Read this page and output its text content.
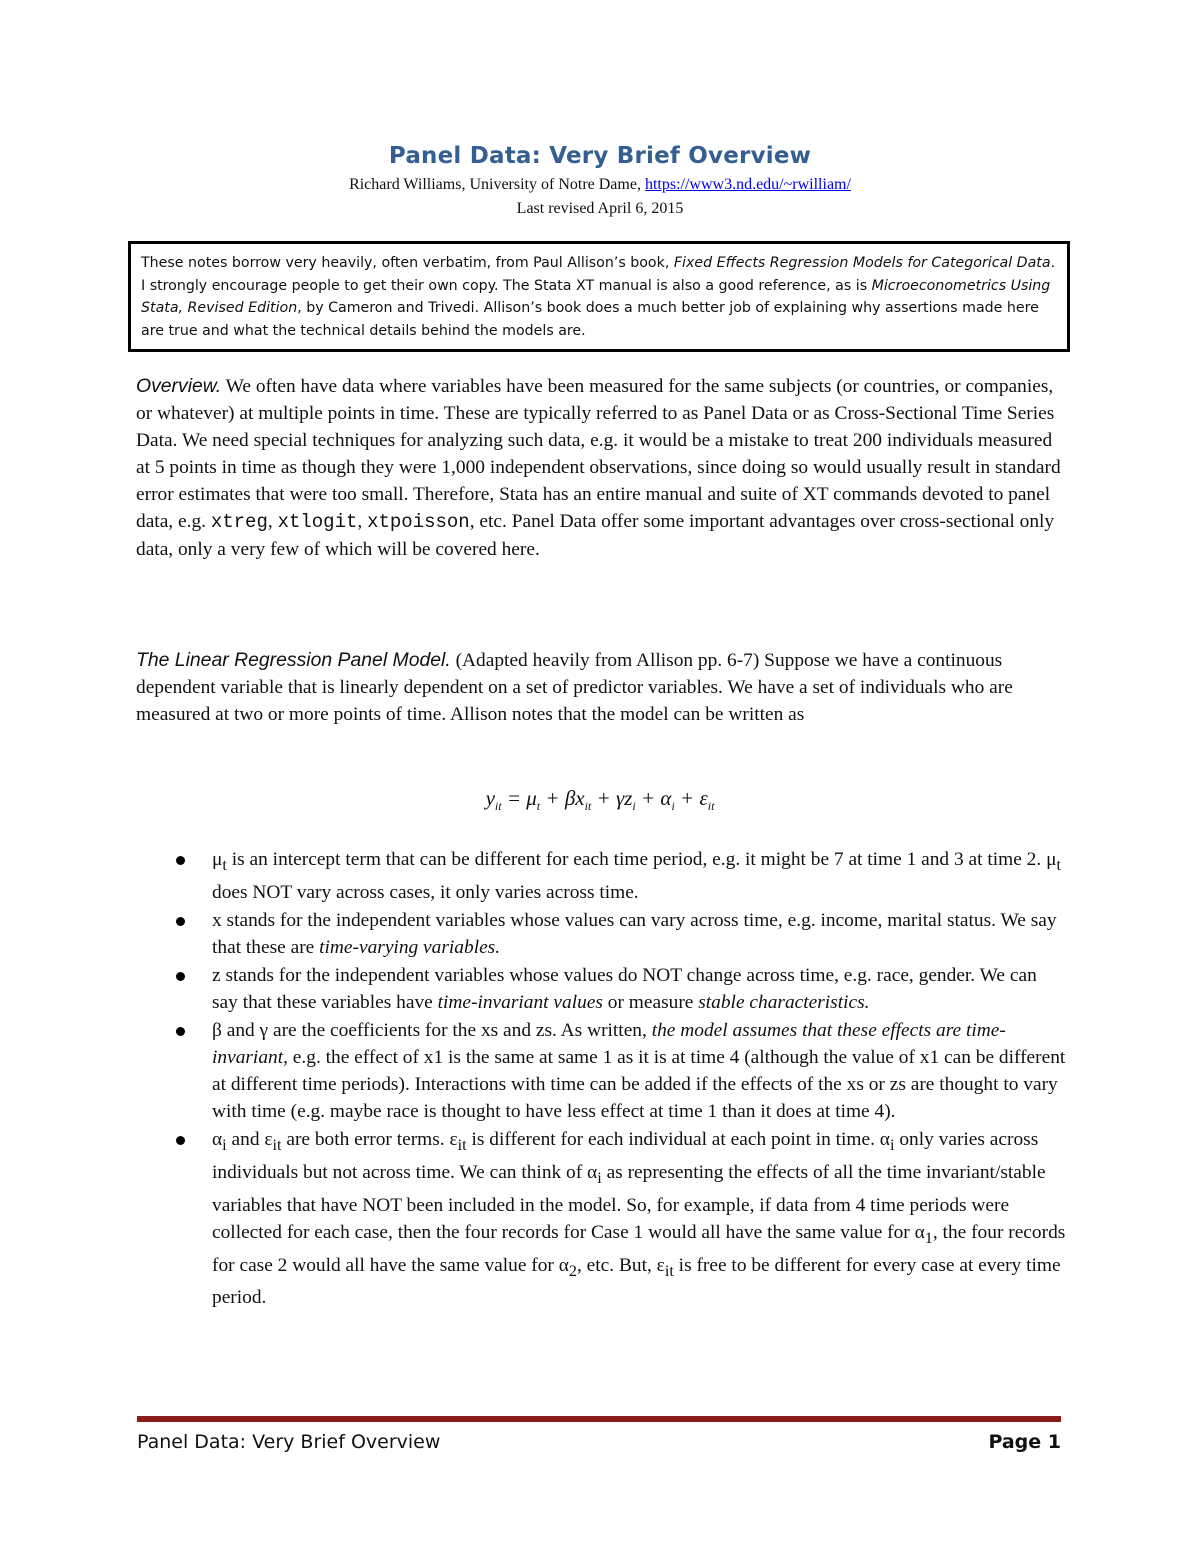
Panel Data: Very Brief Overview
Richard Williams, University of Notre Dame, https://www3.nd.edu/~rwilliam/
Last revised April 6, 2015
These notes borrow very heavily, often verbatim, from Paul Allison’s book, Fixed Effects Regression Models for Categorical Data. I strongly encourage people to get their own copy. The Stata XT manual is also a good reference, as is Microeconometrics Using Stata, Revised Edition, by Cameron and Trivedi. Allison’s book does a much better job of explaining why assertions made here are true and what the technical details behind the models are.
Overview. We often have data where variables have been measured for the same subjects (or countries, or companies, or whatever) at multiple points in time. These are typically referred to as Panel Data or as Cross-Sectional Time Series Data. We need special techniques for analyzing such data, e.g. it would be a mistake to treat 200 individuals measured at 5 points in time as though they were 1,000 independent observations, since doing so would usually result in standard error estimates that were too small. Therefore, Stata has an entire manual and suite of XT commands devoted to panel data, e.g. xtreg, xtlogit, xtpoisson, etc. Panel Data offer some important advantages over cross-sectional only data, only a very few of which will be covered here.
The Linear Regression Panel Model. (Adapted heavily from Allison pp. 6-7) Suppose we have a continuous dependent variable that is linearly dependent on a set of predictor variables. We have a set of individuals who are measured at two or more points of time. Allison notes that the model can be written as
$y_{it} = \mu_t + \beta x_{it} + \gamma z_i + \alpha_i + \varepsilon_{it}$
$\mu_t$ is an intercept term that can be different for each time period, e.g. it might be 7 at time 1 and 3 at time 2. $\mu_t$ does NOT vary across cases, it only varies across time.
x stands for the independent variables whose values can vary across time, e.g. income, marital status. We say that these are time-varying variables.
z stands for the independent variables whose values do NOT change across time, e.g. race, gender. We can say that these variables have time-invariant values or measure stable characteristics.
β and γ are the coefficients for the xs and zs. As written, the model assumes that these effects are time-invariant, e.g. the effect of x1 is the same at same 1 as it is at time 4 (although the value of x1 can be different at different time periods). Interactions with time can be added if the effects of the xs or zs are thought to vary with time (e.g. maybe race is thought to have less effect at time 1 than it does at time 4).
$\alpha_i$ and $\varepsilon_{it}$ are both error terms. $\varepsilon_{it}$ is different for each individual at each point in time. $\alpha_i$ only varies across individuals but not across time. We can think of $\alpha_i$ as representing the effects of all the time invariant/stable variables that have NOT been included in the model. So, for example, if data from 4 time periods were collected for each case, then the four records for Case 1 would all have the same value for $\alpha_1$, the four records for case 2 would all have the same value for $\alpha_2$, etc. But, $\varepsilon_{it}$ is free to be different for every case at every time period.
Panel Data: Very Brief Overview	Page 1
